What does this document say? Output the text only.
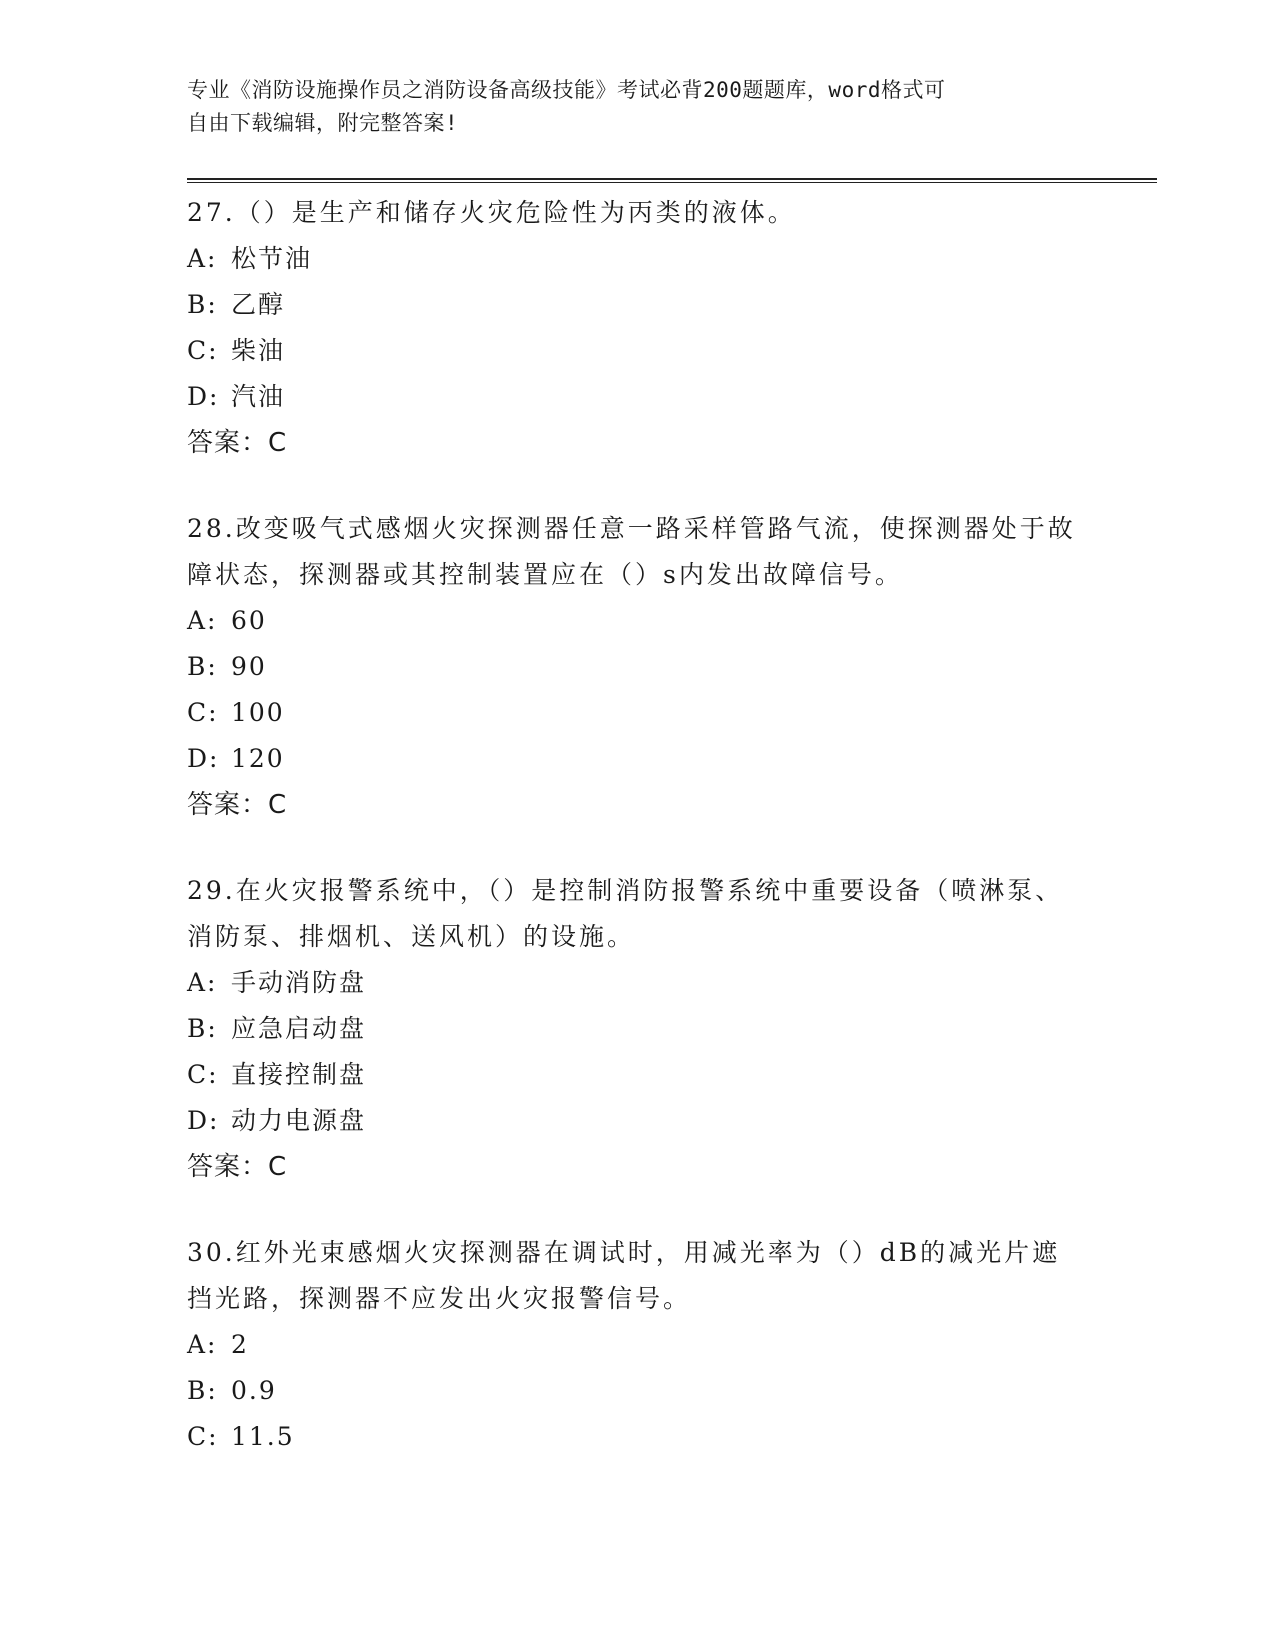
专业《消防设施操作员之消防设备高级技能》考试必背200题题库，word格式可
自由下载编辑，附完整答案!
27.（）是生产和储存火灾危险性为丙类的液体。
A: 松节油
B: 乙醇
C: 柴油
D: 汽油
答案：C
28.改变吸气式感烟火灾探测器任意一路采样管路气流，使探测器处于故障状态，探测器或其控制装置应在（）s内发出故障信号。
A: 60
B: 90
C: 100
D: 120
答案：C
29.在火灾报警系统中，（）是控制消防报警系统中重要设备（喷淋泵、消防泵、排烟机、送风机）的设施。
A: 手动消防盘
B: 应急启动盘
C: 直接控制盘
D: 动力电源盘
答案：C
30.红外光束感烟火灾探测器在调试时，用减光率为（）dB的减光片遮挡光路，探测器不应发出火灾报警信号。
A: 2
B: 0.9
C: 11.5
